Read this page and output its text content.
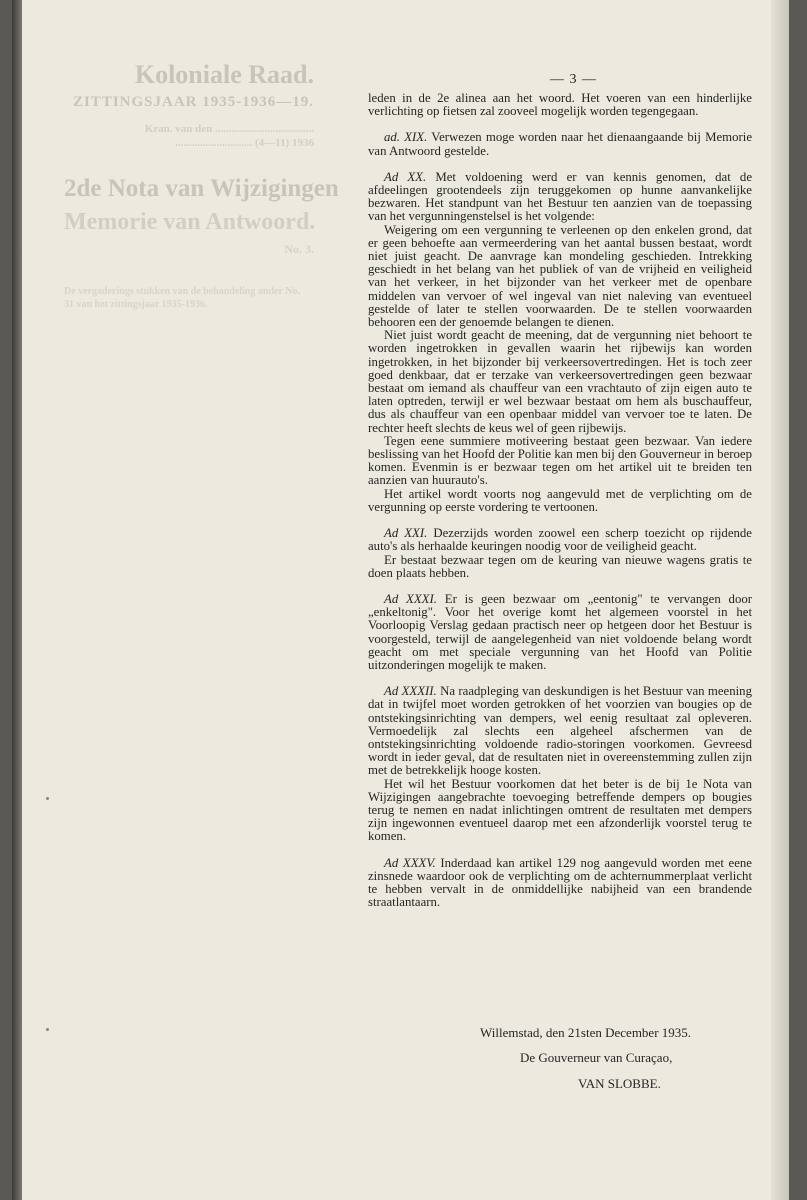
Koloniale Raad.
ZITTINGSJAAR 1935-1936—19.
Kran. van den ....................................
............................ (4—11) 1936
2de Nota van Wijzigingen
Memorie van Antwoord.
No. 3.
De vergaderings stukken van de behandeling onder No.
31 van het zittingsjaar 1935-1936.
— 3 —

leden in de 2e alinea aan het woord. Het voeren van een hinderlijke verlichting op fietsen zal zooveel mogelijk worden tegengegaan.

ad. XIX. Verwezen moge worden naar het dienaangaande bij Memorie van Antwoord gestelde.

Ad XX. Met voldoening werd er van kennis genomen, dat de afdeelingen grootendeels zijn teruggekomen op hunne aanvankelijke bezwaren. Het standpunt van het Bestuur ten aanzien van de toepassing van het vergunningenstelsel is het volgende:

Weigering om een vergunning te verleenen op den enkelen grond, dat er geen behoefte aan vermeerdering van het aantal bussen bestaat, wordt niet juist geacht. De aanvrage kan mondeling geschieden. Intrekking geschiedt in het belang van het publiek of van de vrijheid en veiligheid van het verkeer, in het bijzonder van het verkeer met de openbare middelen van vervoer of wel ingeval van niet naleving van eventueel gestelde of later te stellen voorwaarden. De te stellen voorwaarden behooren een der genoemde belangen te dienen.

Niet juist wordt geacht de meening, dat de vergunning niet behoort te worden ingetrokken in gevallen waarin het rijbewijs kan worden ingetrokken, in het bijzonder bij verkeersovertredingen. Het is toch zeer goed denkbaar, dat er terzake van verkeersovertredingen geen bezwaar bestaat om iemand als chauffeur van een vrachtauto of zijn eigen auto te laten optreden, terwijl er wel bezwaar bestaat om hem als buschauffeur, dus als chauffeur van een openbaar middel van vervoer toe te laten. De rechter heeft slechts de keus wel of geen rijbewijs.

Tegen eene summiere motiveering bestaat geen bezwaar. Van iedere beslissing van het Hoofd der Politie kan men bij den Gouverneur in beroep komen. Evenmin is er bezwaar tegen om het artikel uit te breiden ten aanzien van huurauto's.

Het artikel wordt voorts nog aangevuld met de verplichting om de vergunning op eerste vordering te vertoonen.

Ad XXI. Dezerzijds worden zoowel een scherp toezicht op rijdende auto's als herhaalde keuringen noodig voor de veiligheid geacht.

Er bestaat bezwaar tegen om de keuring van nieuwe wagens gratis te doen plaats hebben.

Ad XXXI. Er is geen bezwaar om „eentonig" te vervangen door „enkeltonig". Voor het overige komt het algemeen voorstel in het Voorloopig Verslag gedaan practisch neer op hetgeen door het Bestuur is voorgesteld, terwijl de aangelegenheid van niet voldoende belang wordt geacht om met speciale vergunning van het Hoofd van Politie uitzonderingen mogelijk te maken.

Ad XXXII. Na raadpleging van deskundigen is het Bestuur van meening dat in twijfel moet worden getrokken of het voorzien van bougies op de ontstekingsinrichting van dempers, wel eenig resultaat zal opleveren. Vermoedelijk zal slechts een algeheel afschermen van de ontstekingsinrichting voldoende radio-storingen voorkomen. Gevreesd wordt in ieder geval, dat de resultaten niet in overeenstemming zullen zijn met de betrekkelijk hooge kosten.

Het wil het Bestuur voorkomen dat het beter is de bij 1e Nota van Wijzigingen aangebrachte toevoeging betreffende dempers op bougies terug te nemen en nadat inlichtingen omtrent de resultaten met dempers zijn ingewonnen eventueel daarop met een afzonderlijk voorstel terug te komen.

Ad XXXV. Inderdaad kan artikel 129 nog aangevuld worden met eene zinsnede waardoor ook de verplichting om de achternummerplaat verlicht te hebben vervalt in de onmiddellijke nabijheid van een brandende straatlantaarn.

Willemstad, den 21sten December 1935.
De Gouverneur van Curaçao,
VAN SLOBBE.
